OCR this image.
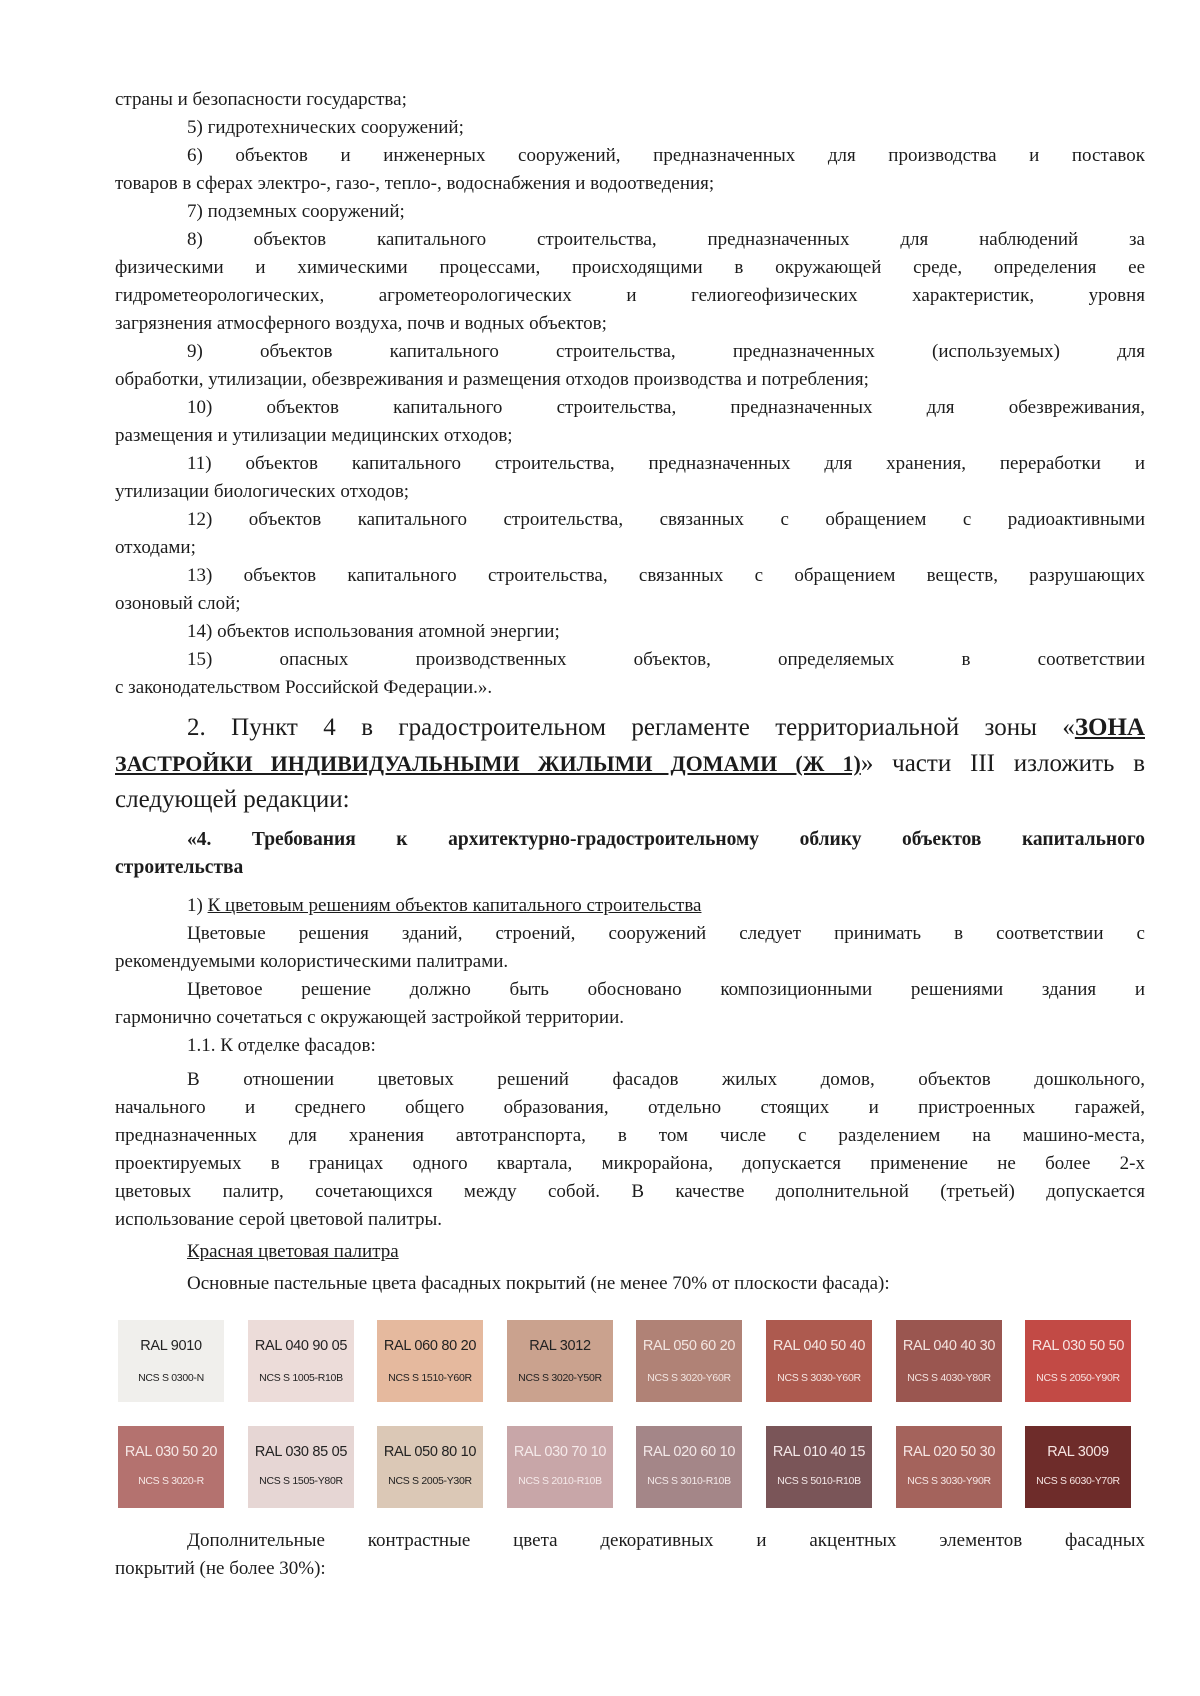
страны и безопасности государства;
5) гидротехнических сооружений;
6) объектов и инженерных сооружений, предназначенных для производства и поставок
товаров в сферах электро-, газо-, тепло-, водоснабжения и водоотведения;
7) подземных сооружений;
8) объектов капитального строительства, предназначенных для наблюдений за
физическими и химическими процессами, происходящими в окружающей среде, определения ее
гидрометеорологических, агрометеорологических и гелиогеофизических характеристик, уровня
загрязнения атмосферного воздуха, почв и водных объектов;
9) объектов капитального строительства, предназначенных (используемых) для
обработки, утилизации, обезвреживания и размещения отходов производства и потребления;
10) объектов капитального строительства, предназначенных для обезвреживания,
размещения и утилизации медицинских отходов;
11) объектов капитального строительства, предназначенных для хранения, переработки и
утилизации биологических отходов;
12) объектов капитального строительства, связанных с обращением с радиоактивными
отходами;
13) объектов капитального строительства, связанных с обращением веществ, разрушающих
озоновый слой;
14) объектов использования атомной энергии;
15) опасных производственных объектов, определяемых в соответствии
с законодательством Российской Федерации.».
2. Пункт 4 в градостроительном регламенте территориальной зоны «ЗОНА
ЗАСТРОЙКИ ИНДИВИДУАЛЬНЫМИ ЖИЛЫМИ ДОМАМИ (Ж 1)» части III изложить в
следующей редакции:
«4. Требования к архитектурно-градостроительному облику объектов капитального
строительства
1) К цветовым решениям объектов капитального строительства
Цветовые решения зданий, строений, сооружений следует принимать в соответствии с
рекомендуемыми колористическими палитрами.
Цветовое решение должно быть обосновано композиционными решениями здания и
гармонично сочетаться с окружающей застройкой территории.
1.1. К отделке фасадов:
В отношении цветовых решений фасадов жилых домов, объектов дошкольного,
начального и среднего общего образования, отдельно стоящих и пристроенных гаражей,
предназначенных для хранения автотранспорта, в том числе с разделением на машино-места,
проектируемых в границах одного квартала, микрорайона, допускается применение не более 2-х
цветовых палитр, сочетающихся между собой. В качестве дополнительной (третьей) допускается
использование серой цветовой палитры.
Красная цветовая палитра
Основные пастельные цвета фасадных покрытий (не менее 70% от плоскости фасада):
RAL 9010
NCS S 0300-N
RAL 040 90 05
NCS S 1005-R10B
RAL 060 80 20
NCS S 1510-Y60R
RAL 3012
NCS S 3020-Y50R
RAL 050 60 20
NCS S 3020-Y60R
RAL 040 50 40
NCS S 3030-Y60R
RAL 040 40 30
NCS S 4030-Y80R
RAL 030 50 50
NCS S 2050-Y90R
RAL 030 50 20
NCS S 3020-R
RAL 030 85 05
NCS S 1505-Y80R
RAL 050 80 10
NCS S 2005-Y30R
RAL 030 70 10
NCS S 2010-R10B
RAL 020 60 10
NCS S 3010-R10B
RAL 010 40 15
NCS S 5010-R10B
RAL 020 50 30
NCS S 3030-Y90R
RAL 3009
NCS S 6030-Y70R
Дополнительные контрастные цвета декоративных и акцентных элементов фасадных
покрытий (не более 30%):
